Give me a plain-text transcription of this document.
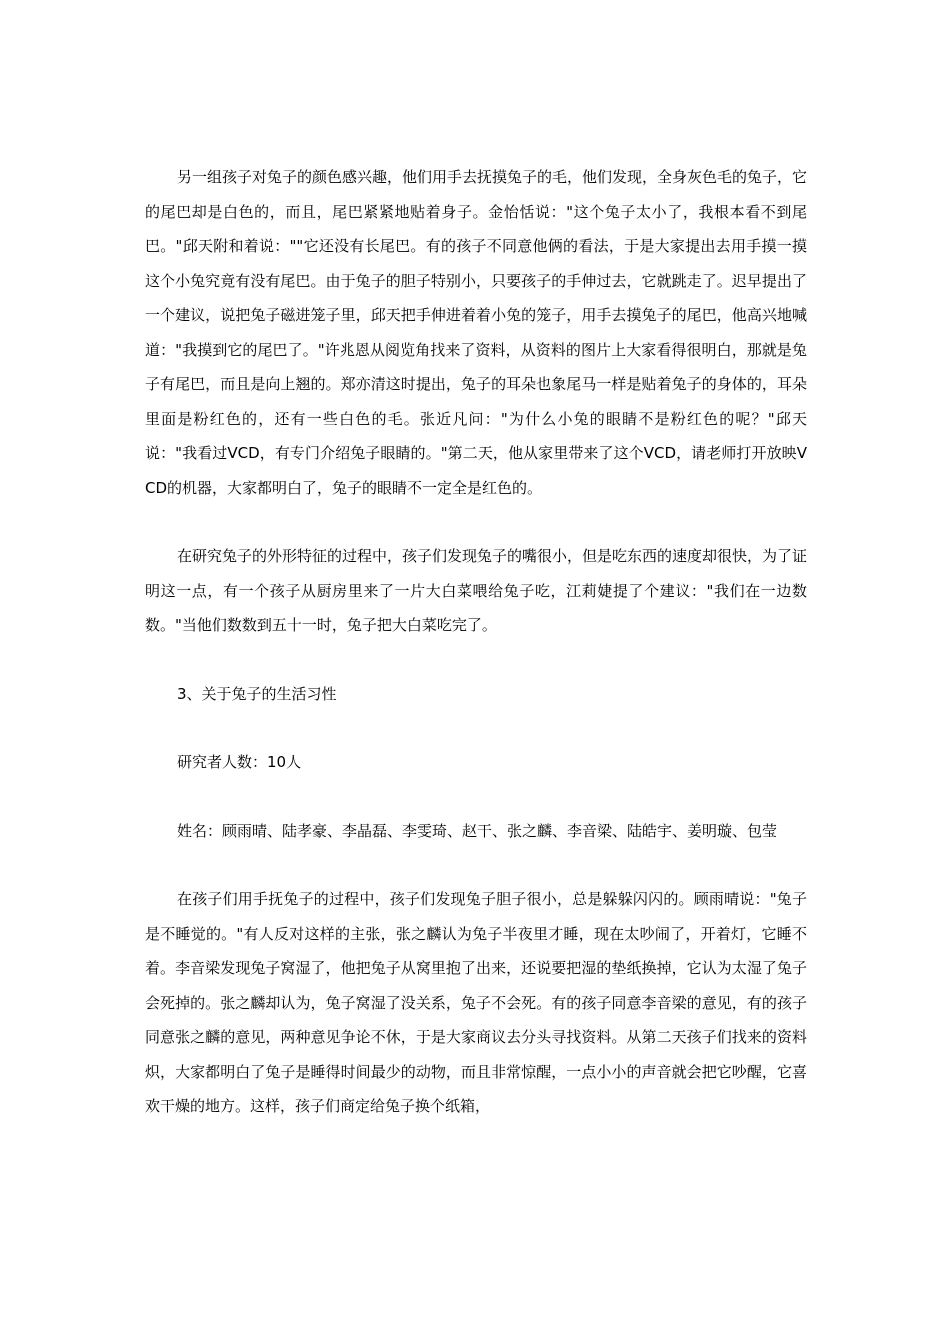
另一组孩子对兔子的颜色感兴趣，他们用手去抚摸兔子的毛，他们发现，全身灰色毛的兔子，它的尾巴却是白色的，而且，尾巴紧紧地贴着身子。金怡恬说："这个兔子太小了，我根本看不到尾巴。"邱天附和着说：""它还没有长尾巴。有的孩子不同意他俩的看法，于是大家提出去用手摸一摸这个小兔究竟有没有尾巴。由于兔子的胆子特别小，只要孩子的手伸过去，它就跳走了。迟早提出了一个建议，说把兔子磁进笼子里，邱天把手伸进着着小兔的笼子，用手去摸兔子的尾巴，他高兴地喊道："我摸到它的尾巴了。"许兆恩从阅览角找来了资料，从资料的图片上大家看得很明白，那就是兔子有尾巴，而且是向上翘的。郑亦清这时提出，兔子的耳朵也象尾马一样是贴着兔子的身体的，耳朵里面是粉红色的，还有一些白色的毛。张近凡问："为什么小兔的眼睛不是粉红色的呢？"邱天说："我看过VCD，有专门介绍兔子眼睛的。"第二天，他从家里带来了这个VCD，请老师打开放映VCD的机器，大家都明白了，兔子的眼睛不一定全是红色的。

在研究兔子的外形特征的过程中，孩子们发现兔子的嘴很小，但是吃东西的速度却很快，为了证明这一点，有一个孩子从厨房里来了一片大白菜喂给兔子吃，江莉婕提了个建议："我们在一边数数。"当他们数数到五十一时，兔子把大白菜吃完了。

3、关于兔子的生活习性

研究者人数：10人

姓名：顾雨晴、陆孝豪、李晶磊、李雯琦、赵干、张之麟、李音梁、陆皓宇、姜明璇、包莹

在孩子们用手抚兔子的过程中，孩子们发现兔子胆子很小，总是躲躲闪闪的。顾雨晴说："兔子是不睡觉的。"有人反对这样的主张，张之麟认为兔子半夜里才睡，现在太吵闹了，开着灯，它睡不着。李音梁发现兔子窝湿了，他把兔子从窝里抱了出来，还说要把湿的垫纸换掉，它认为太湿了兔子会死掉的。张之麟却认为，兔子窝湿了没关系，兔子不会死。有的孩子同意李音梁的意见，有的孩子同意张之麟的意见，两种意见争论不休，于是大家商议去分头寻找资料。从第二天孩子们找来的资料炽，大家都明白了兔子是睡得时间最少的动物，而且非常惊醒，一点小小的声音就会把它吵醒，它喜欢干燥的地方。这样，孩子们商定给兔子换个纸箱，
